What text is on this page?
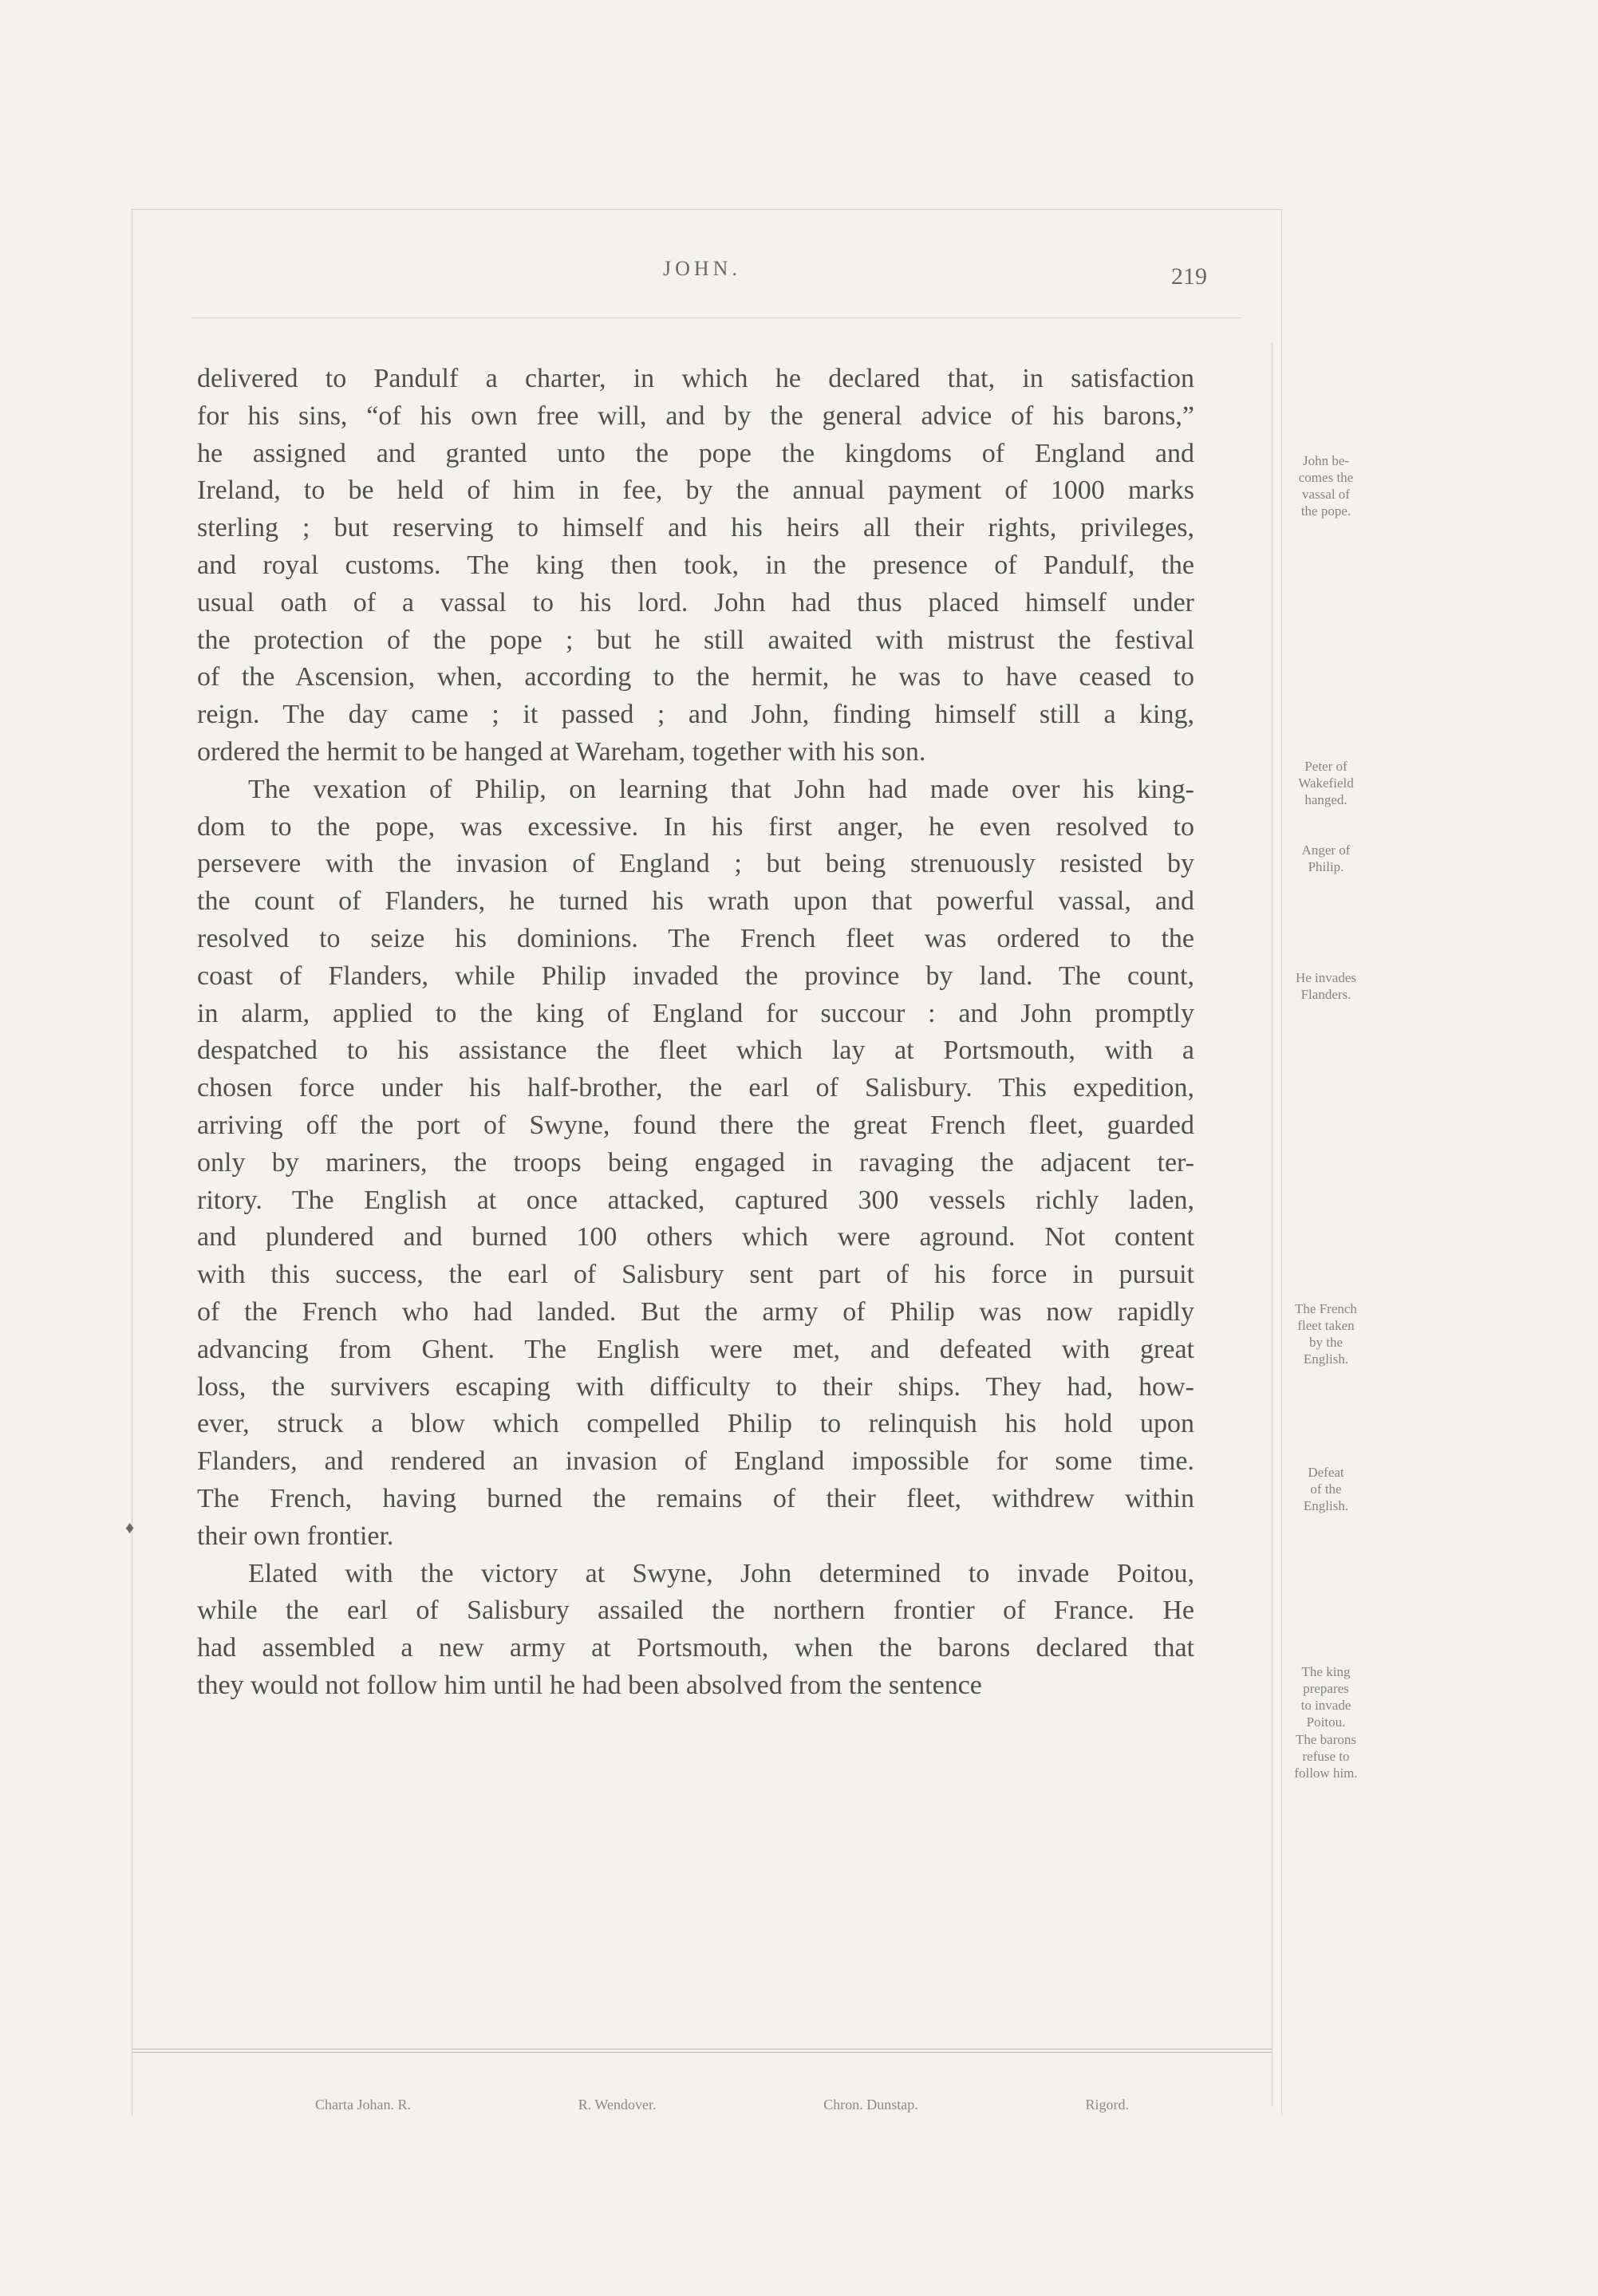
JOHN.	219
delivered to Pandulf a charter, in which he declared that, in satisfaction
for his sins, “of his own free will, and by the general advice of his barons,”
he assigned and granted unto the pope the kingdoms of England and
Ireland, to be held of him in fee, by the annual payment of 1000 marks
sterling ; but reserving to himself and his heirs all their rights, privileges,
and royal customs. The king then took, in the presence of Pandulf, the
usual oath of a vassal to his lord. John had thus placed himself under
the protection of the pope ; but he still awaited with mistrust the festival
of the Ascension, when, according to the hermit, he was to have ceased to
reign. The day came ; it passed ; and John, finding himself still a king,
ordered the hermit to be hanged at Wareham, together with his son.
The vexation of Philip, on learning that John had made over his king-
dom to the pope, was excessive. In his first anger, he even resolved to
persevere with the invasion of England ; but being strenuously resisted by
the count of Flanders, he turned his wrath upon that powerful vassal, and
resolved to seize his dominions. The French fleet was ordered to the
coast of Flanders, while Philip invaded the province by land. The count,
in alarm, applied to the king of England for succour : and John promptly
despatched to his assistance the fleet which lay at Portsmouth, with a
chosen force under his half-brother, the earl of Salisbury. This expedition,
arriving off the port of Swyne, found there the great French fleet, guarded
only by mariners, the troops being engaged in ravaging the adjacent ter-
ritory. The English at once attacked, captured 300 vessels richly laden,
and plundered and burned 100 others which were aground. Not content
with this success, the earl of Salisbury sent part of his force in pursuit
of the French who had landed. But the army of Philip was now rapidly
advancing from Ghent. The English were met, and defeated with great
loss, the survivers escaping with difficulty to their ships. They had, how-
ever, struck a blow which compelled Philip to relinquish his hold upon
Flanders, and rendered an invasion of England impossible for some time.
The French, having burned the remains of their fleet, withdrew within
their own frontier.
Elated with the victory at Swyne, John determined to invade Poitou,
while the earl of Salisbury assailed the northern frontier of France. He
had assembled a new army at Portsmouth, when the barons declared that
they would not follow him until he had been absolved from the sentence
John be-
comes the
vassal of
the pope.
Peter of
Wakefield
hanged.
Anger of
Philip.
He invades
Flanders.
The French
fleet taken
by the
English.
Defeat
of the
English.
The king
prepares
to invade
Poitou.
The barons
refuse to
follow him.
♦
Charta Johan. R.	R. Wendover.	Chron. Dunstap.	Rigord.
